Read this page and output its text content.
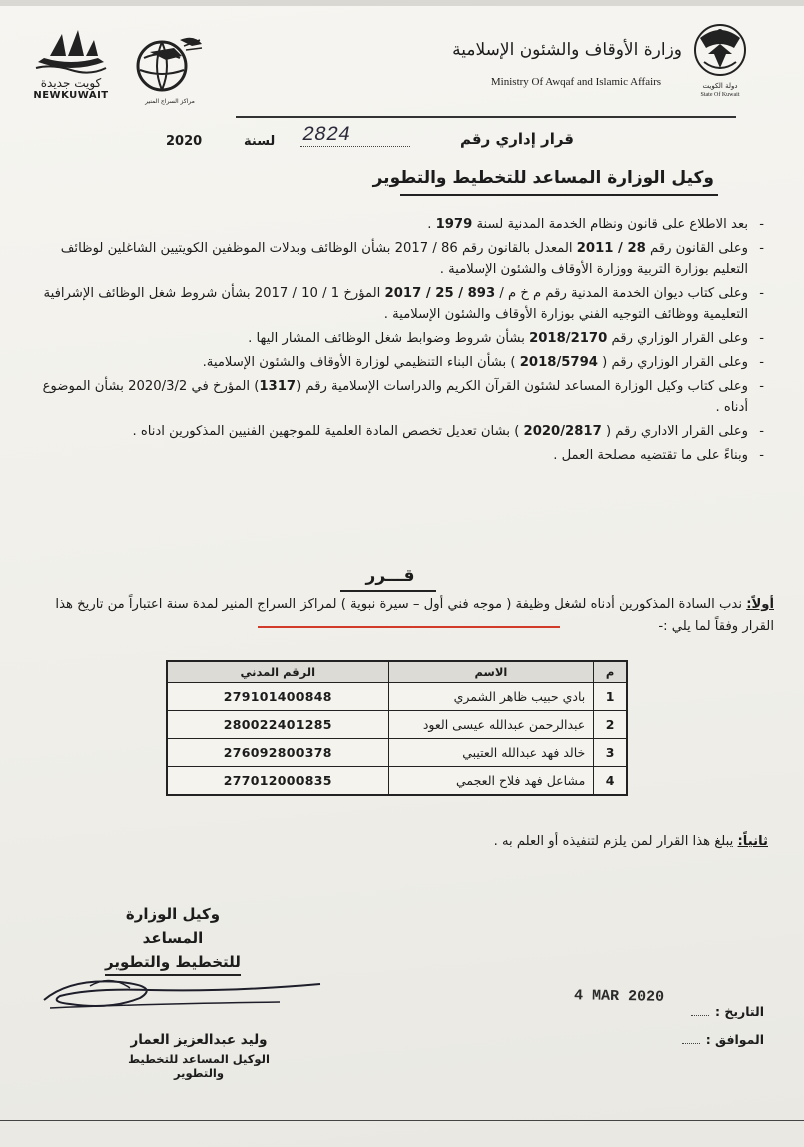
كويت جديدة
NEWKUWAIT
مراكز السراج المنير
وزارة الأوقاف والشئون الإسلامية
Ministry Of Awqaf and Islamic Affairs	دولة الكويت
State Of Kuwait
قرار إداري رقم
2824
لسنة
2020
وكيل الوزارة المساعد للتخطيط والتطوير
- بعد الاطلاع على قانون ونظام الخدمة المدنية لسنة 1979 .
- وعلى القانون رقم 28 / 2011 المعدل بالقانون رقم 86 / 2017 بشأن الوظائف وبدلات الموظفين الكويتيين الشاغلين لوظائف التعليم بوزارة التربية ووزارة الأوقاف والشئون الإسلامية .
- وعلى كتاب ديوان الخدمة المدنية رقم م خ م / 893 / 25 / 2017 المؤرخ 1 / 10 / 2017 بشأن شروط شغل الوظائف الإشرافية التعليمية ووظائف التوجيه الفني بوزارة الأوقاف والشئون الإسلامية .
- وعلى القرار الوزاري رقم 2018/2170 بشأن شروط وضوابط شغل الوظائف المشار اليها .
- وعلى القرار الوزاري رقم ( 2018/5794 ) بشأن البناء التنظيمي لوزارة الأوقاف والشئون الإسلامية.
- وعلى كتاب وكيل الوزارة المساعد لشئون القرآن الكريم والدراسات الإسلامية رقم (1317) المؤرخ في 2020/3/2 بشأن الموضوع أدناه .
- وعلى القرار الاداري رقم ( 2020/2817 ) بشان تعديل تخصص المادة العلمية للموجهين الفنيين المذكورين ادناه .
- وبناءً على ما تقتضيه مصلحة العمل .
قـــرر
أولاً: ندب السادة المذكورين أدناه لشغل وظيفة ( موجه فني أول – سيرة نبوية ) لمراكز السراج المنير لمدة سنة اعتباراً من تاريخ هذا القرار وفقاً لما يلي :-
م	الاسم	الرقم المدني
1	بادي حبيب ظاهر الشمري	279101400848
2	عبدالرحمن عبدالله عيسى العود	280022401285
3	خالد فهد عبدالله العتيبي	276092800378
4	مشاعل فهد فلاح العجمي	277012000835
ثانياً: يبلغ هذا القرار لمن يلزم لتنفيذه أو العلم به .
وكيل الوزارة المساعد
للتخطيط والتطوير
وليد عبدالعزيز العمار
الوكيل المساعد للتخطيط والتطوير
4 MAR 2020
التاريخ :
الموافق :
